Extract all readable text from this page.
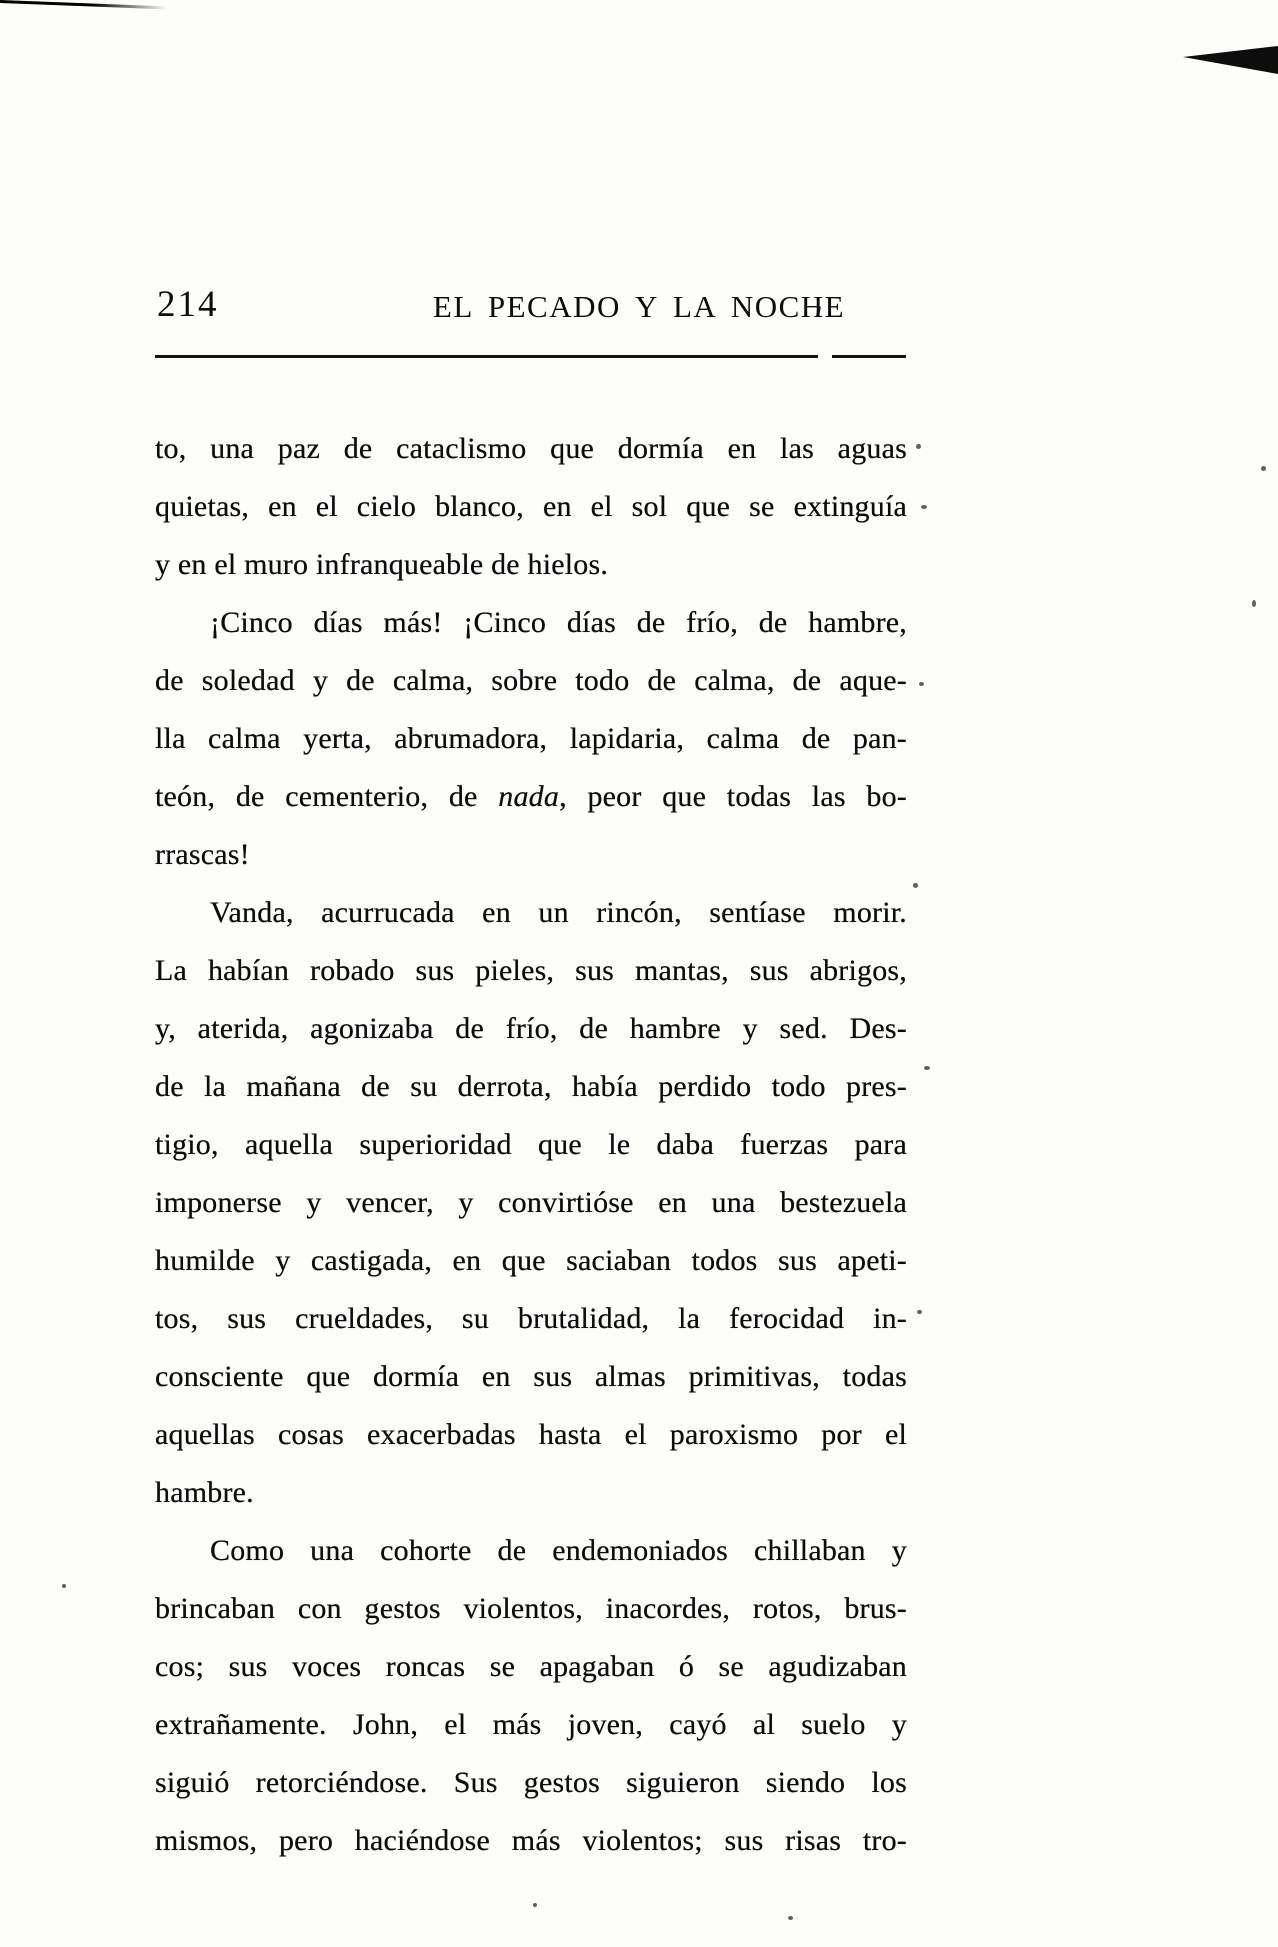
214	EL PECADO Y LA NOCHE
to, una paz de cataclismo que dormía en las aguas
quietas, en el cielo blanco, en el sol que se extinguía
y en el muro infranqueable de hielos.
¡Cinco días más! ¡Cinco días de frío, de hambre,
de soledad y de calma, sobre todo de calma, de aque-
lla calma yerta, abrumadora, lapidaria, calma de pan-
teón, de cementerio, de nada, peor que todas las bo-
rrascas!
Vanda, acurrucada en un rincón, sentíase morir.
La habían robado sus pieles, sus mantas, sus abrigos,
y, aterida, agonizaba de frío, de hambre y sed. Des-
de la mañana de su derrota, había perdido todo pres-
tigio, aquella superioridad que le daba fuerzas para
imponerse y vencer, y convirtióse en una bestezuela
humilde y castigada, en que saciaban todos sus apeti-
tos, sus crueldades, su brutalidad, la ferocidad in-
consciente que dormía en sus almas primitivas, todas
aquellas cosas exacerbadas hasta el paroxismo por el
hambre.
Como una cohorte de endemoniados chillaban y
brincaban con gestos violentos, inacordes, rotos, brus-
cos; sus voces roncas se apagaban ó se agudizaban
extrañamente. John, el más joven, cayó al suelo y
siguió retorciéndose. Sus gestos siguieron siendo los
mismos, pero haciéndose más violentos; sus risas tro-
